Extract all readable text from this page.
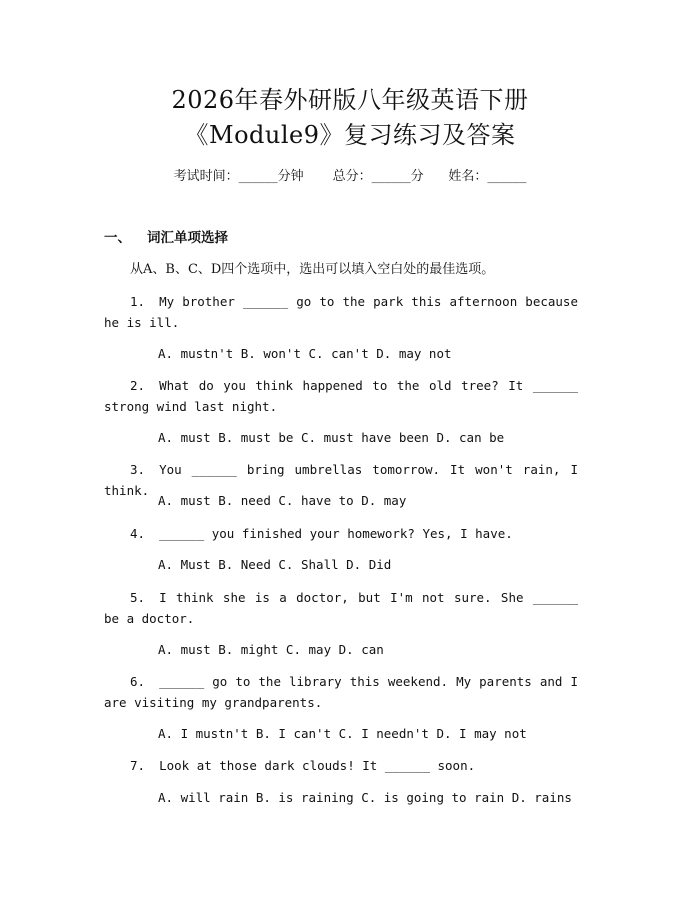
2026年春外研版八年级英语下册
《Module9》复习练习及答案
考试时间：______分钟 总分：______分 姓名：______
一、 词汇单项选择
从A、B、C、D四个选项中，选出可以填入空白处的最佳选项。
1. My brother ______ go to the park this afternoon because he is ill.
A. mustn't B. won't C. can't D. may not
2. What do you think happened to the old tree? It ______ strong wind last night.
A. must B. must be C. must have been D. can be
3. You ______ bring umbrellas tomorrow. It won't rain, I think.
A. must B. need C. have to D. may
4. ______ you finished your homework? Yes, I have.
A. Must B. Need C. Shall D. Did
5. I think she is a doctor, but I'm not sure. She ______ be a doctor.
A. must B. might C. may D. can
6. ______ go to the library this weekend. My parents and I are visiting my grandparents.
A. I mustn't B. I can't C. I needn't D. I may not
7. Look at those dark clouds! It ______ soon.
A. will rain B. is raining C. is going to rain D. rains
